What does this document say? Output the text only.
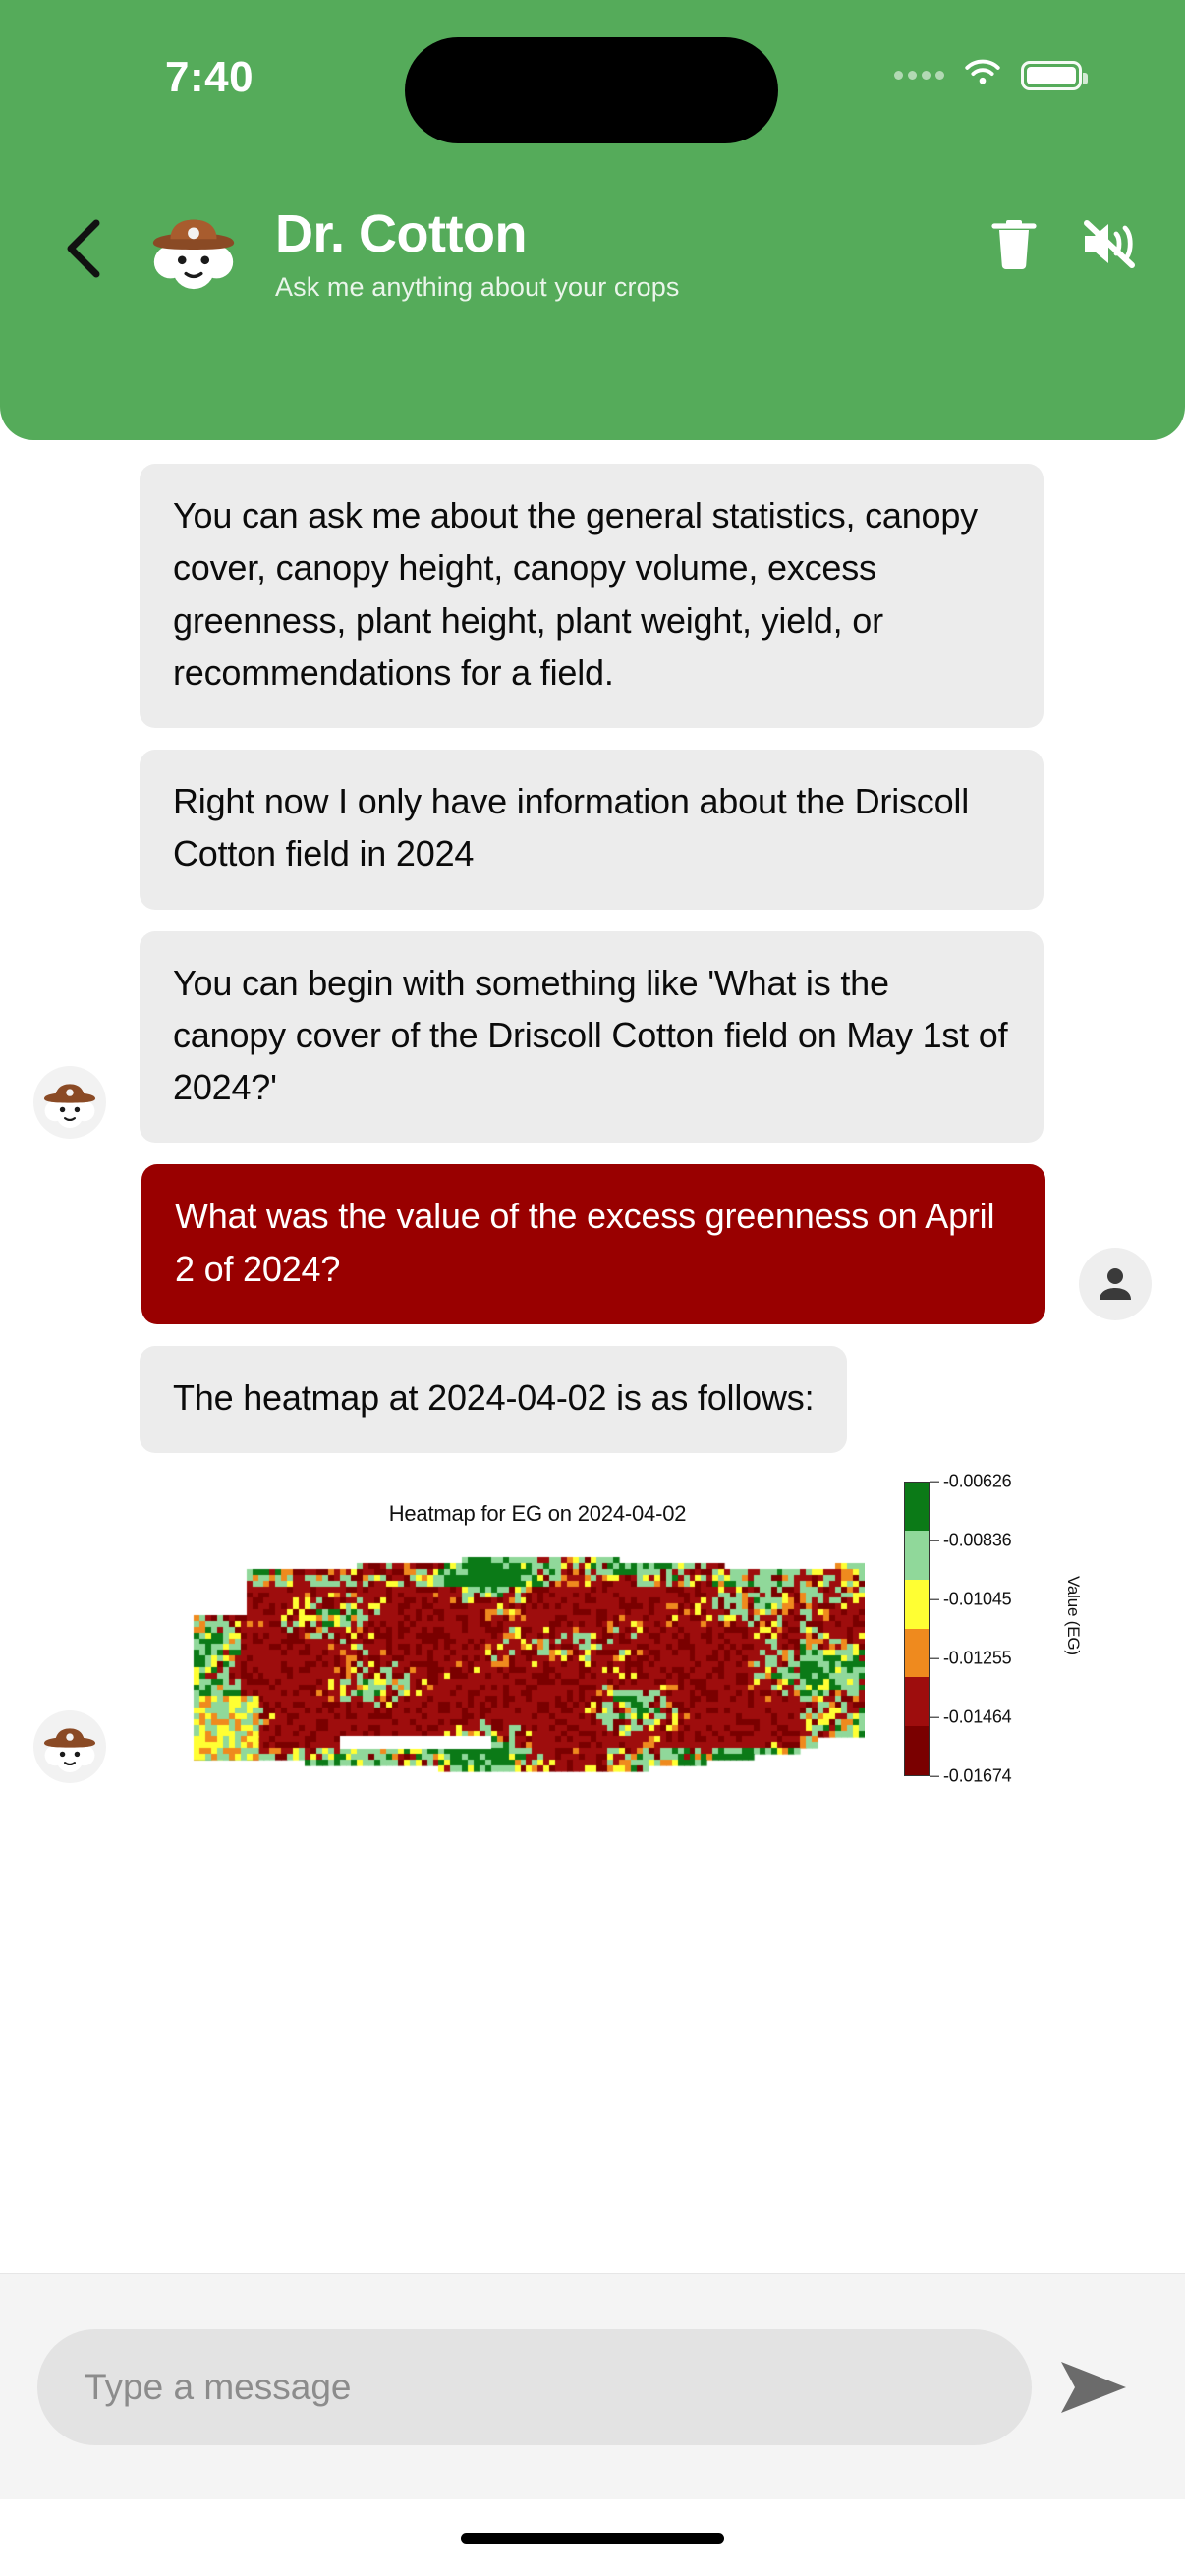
7:40
Dr. Cotton
Ask me anything about your crops
You can ask me about the general statistics, canopy cover, canopy height, canopy volume, excess greenness, plant height, plant weight, yield, or recommendations for a field.
Right now I only have information about the Driscoll Cotton field in 2024
You can begin with something like 'What is the canopy cover of the Driscoll Cotton field on May 1st of 2024?'
What was the value of the excess greenness on April 2 of 2024?
The heatmap at 2024-04-02 is as follows:
Heatmap for EG on 2024-04-02
-0.00626
-0.00836
-0.01045
-0.01255
-0.01464
-0.01674
Value (EG)
Type a message
